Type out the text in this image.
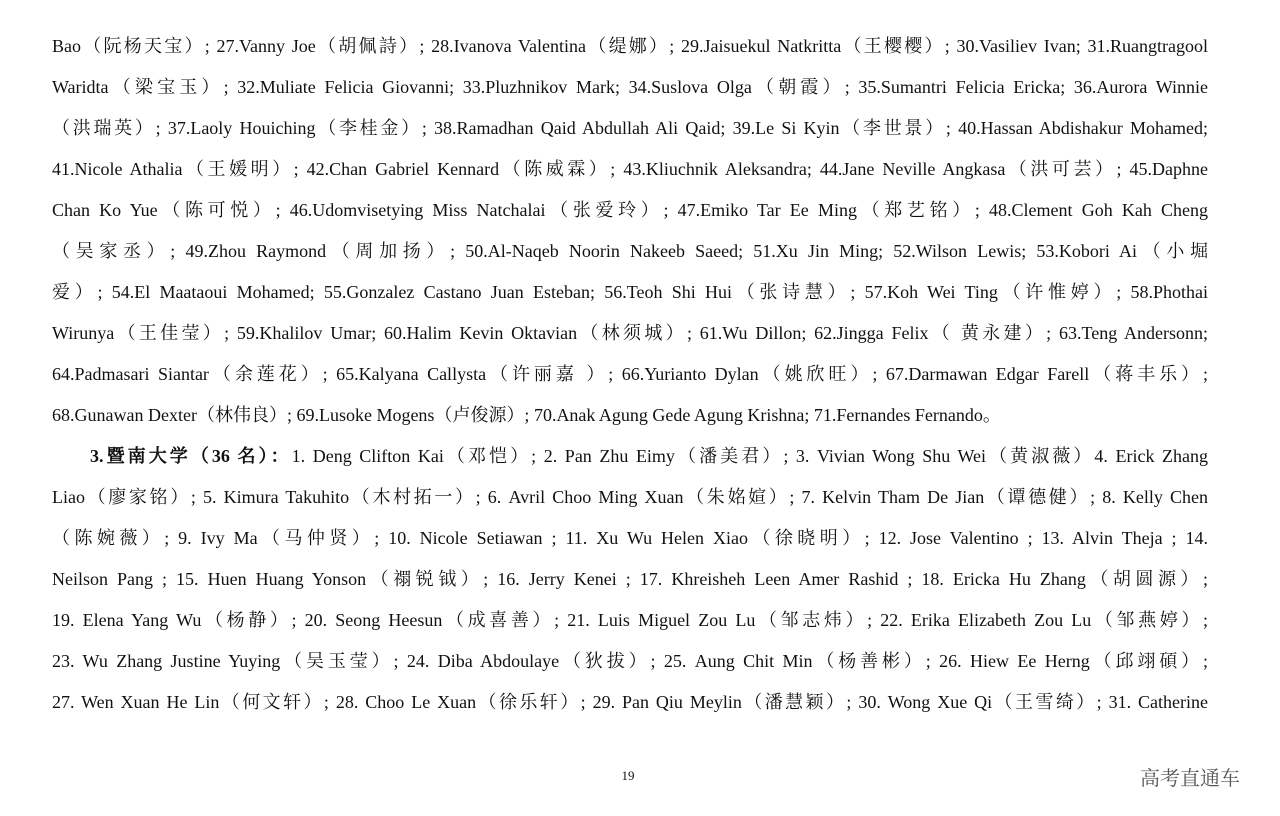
Bao（阮杨天宝）; 27.Vanny Joe（胡佩詩）; 28.Ivanova Valentina（缇娜）; 29.Jaisuekul Natkritta（王樱樱）; 30.Vasiliev Ivan; 31.Ruangtragool
Waridta（梁宝玉）; 32.Muliate Felicia Giovanni; 33.Pluzhnikov Mark; 34.Suslova Olga（朝霞）; 35.Sumantri Felicia Ericka; 36.Aurora Winnie
（洪瑞英）; 37.Laoly Houiching（李桂金）; 38.Ramadhan Qaid Abdullah Ali Qaid; 39.Le Si Kyin（李世景）; 40.Hassan Abdishakur Mohamed;
41.Nicole Athalia（王媛明）; 42.Chan Gabriel Kennard（陈威霖）; 43.Kliuchnik Aleksandra; 44.Jane Neville Angkasa（洪可芸）; 45.Daphne
Chan Ko Yue（陈可悦）; 46.Udomvisetying Miss Natchalai（张爱玲）; 47.Emiko Tar Ee Ming（郑艺铭）; 48.Clement Goh Kah Cheng
（吴家丞）; 49.Zhou Raymond（周加扬）; 50.Al-Naqeb Noorin Nakeeb Saeed; 51.Xu Jin Ming; 52.Wilson Lewis; 53.Kobori Ai（小堀
爱）; 54.El Maataoui Mohamed; 55.Gonzalez Castano Juan Esteban; 56.Teoh Shi Hui（张诗慧）; 57.Koh Wei Ting（许惟婷）; 58.Phothai
Wirunya（王佳莹）; 59.Khalilov Umar; 60.Halim Kevin Oktavian（林须城）; 61.Wu Dillon; 62.Jingga Felix（ 黄永建）; 63.Teng Andersonn;
64.Padmasari Siantar（余莲花）; 65.Kalyana Callysta（许丽嘉 ）; 66.Yurianto Dylan（姚欣旺）; 67.Darmawan Edgar Farell（蒋丰乐）;
68.Gunawan Dexter（林伟良）; 69.Lusoke Mogens（卢俊源）; 70.Anak Agung Gede Agung Krishna; 71.Fernandes Fernando。
3.暨南大学（36 名）：1. Deng Clifton Kai（邓恺）; 2. Pan Zhu Eimy（潘美君）; 3. Vivian Wong Shu Wei（黄淑薇）4. Erick Zhang
Liao（廖家铭）; 5. Kimura Takuhito（木村拓一）; 6. Avril Choo Ming Xuan（朱姳媗）; 7. Kelvin Tham De Jian（谭德健）; 8. Kelly Chen
（陈婉薇）; 9. Ivy Ma（马仲贤）; 10. Nicole Setiawan ; 11. Xu Wu Helen Xiao（徐晓明）; 12. Jose Valentino ; 13. Alvin Theja ; 14.
Neilson Pang ; 15. Huen Huang Yonson（禤锐钺）; 16. Jerry Kenei ; 17. Khreisheh Leen Amer Rashid ; 18. Ericka Hu Zhang（胡圆源）;
19. Elena Yang Wu（杨静）; 20. Seong Heesun（成喜善）; 21. Luis Miguel Zou Lu（邹志炜）; 22. Erika Elizabeth Zou Lu（邹燕婷）;
23. Wu Zhang Justine Yuying（吴玉莹）; 24. Diba Abdoulaye（狄拔）; 25. Aung Chit Min（杨善彬）; 26. Hiew Ee Herng（邱翊碩）;
27. Wen Xuan He Lin（何文轩）; 28. Choo Le Xuan（徐乐轩）; 29. Pan Qiu Meylin（潘慧颖）; 30. Wong Xue Qi（王雪绮）; 31. Catherine
19	高考直通车
